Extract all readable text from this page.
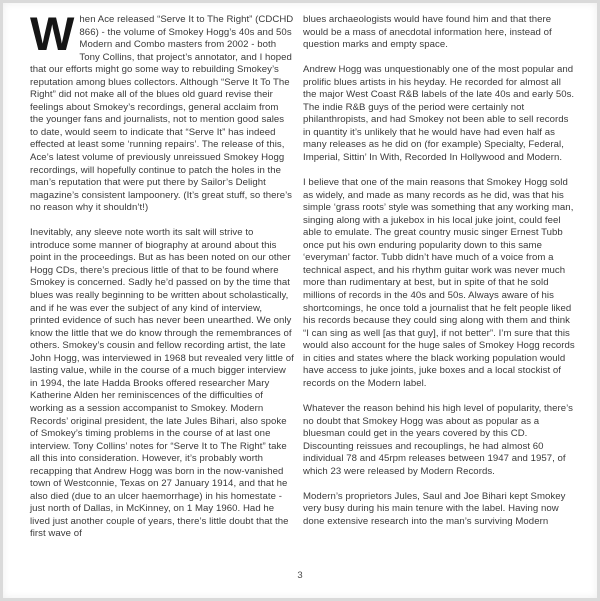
When Ace released “Serve It to The Right” (CDCHD 866) - the volume of Smokey Hogg’s 40s and 50s Modern and Combo masters from 2002 - both Tony Collins, that project’s annotator, and I hoped that our efforts might go some way to rebuilding Smokey’s reputation among blues collectors. Although “Serve It To The Right” did not make all of the blues old guard revise their feelings about Smokey’s recordings, general acclaim from the younger fans and journalists, not to mention good sales to date, would seem to indicate that “Serve It” has indeed effected at least some ‘running repairs’. The release of this, Ace’s latest volume of previously unreissued Smokey Hogg recordings, will hopefully continue to patch the holes in the man’s reputation that were put there by Sailor’s Delight magazine’s consistent lampoonery. (It’s great stuff, so there’s no reason why it shouldn’t!)

Inevitably, any sleeve note worth its salt will strive to introduce some manner of biography at around about this point in the proceedings. But as has been noted on our other Hogg CDs, there’s precious little of that to be found where Smokey is concerned. Sadly he’d passed on by the time that blues was really beginning to be written about scholastically, and if he was ever the subject of any kind of interview, printed evidence of such has never been unearthed. We only know the little that we do know through the remembrances of others. Smokey’s cousin and fellow recording artist, the late John Hogg, was interviewed in 1968 but revealed very little of lasting value, while in the course of a much bigger interview in 1994, the late Hadda Brooks offered researcher Mary Katherine Alden her reminiscences of the difficulties of working as a session accompanist to Smokey. Modern Records’ original president, the late Jules Bihari, also spoke of Smokey’s timing problems in the course of at last one interview. Tony Collins’ notes for “Serve It to The Right” take all this into consideration. However, it’s probably worth recapping that Andrew Hogg was born in the now-vanished town of Westconnie, Texas on 27 January 1914, and that he also died (due to an ulcer haemorrhage) in his homestate - just north of Dallas, in McKinney, on 1 May 1960. Had he lived just another couple of years, there’s little doubt that the first wave of

blues archaeologists would have found him and that there would be a mass of anecdotal information here, instead of question marks and empty space.

Andrew Hogg was unquestionably one of the most popular and prolific blues artists in his heyday. He recorded for almost all the major West Coast R&B labels of the late 40s and early 50s. The indie R&B guys of the period were certainly not philanthropists, and had Smokey not been able to sell records in quantity it’s unlikely that he would have had even half as many releases as he did on (for example) Specialty, Federal, Imperial, Sittin’ In With, Recorded In Hollywood and Modern.

I believe that one of the main reasons that Smokey Hogg sold as widely, and made as many records as he did, was that his simple ‘grass roots’ style was something that any working man, singing along with a jukebox in his local juke joint, could feel able to emulate. The great country music singer Ernest Tubb once put his own enduring popularity down to this same ‘everyman’ factor. Tubb didn’t have much of a voice from a technical aspect, and his rhythm guitar work was never much more than rudimentary at best, but in spite of that he sold millions of records in the 40s and 50s. Always aware of his shortcomings, he once told a journalist that he felt people liked his records because they could sing along with them and think “I can sing as well [as that guy], if not better”. I’m sure that this would also account for the huge sales of Smokey Hogg records in cities and states where the black working population would have access to juke joints, juke boxes and a local stockist of records on the Modern label.

Whatever the reason behind his high level of popularity, there’s no doubt that Smokey Hogg was about as popular as a bluesman could get in the years covered by this CD. Discounting reissues and recouplings, he had almost 60 individual 78 and 45rpm releases between 1947 and 1957, of which 23 were released by Modern Records.

Modern’s proprietors Jules, Saul and Joe Bihari kept Smokey very busy during his main tenure with the label. Having now done extensive research into the man’s surviving Modern

3
